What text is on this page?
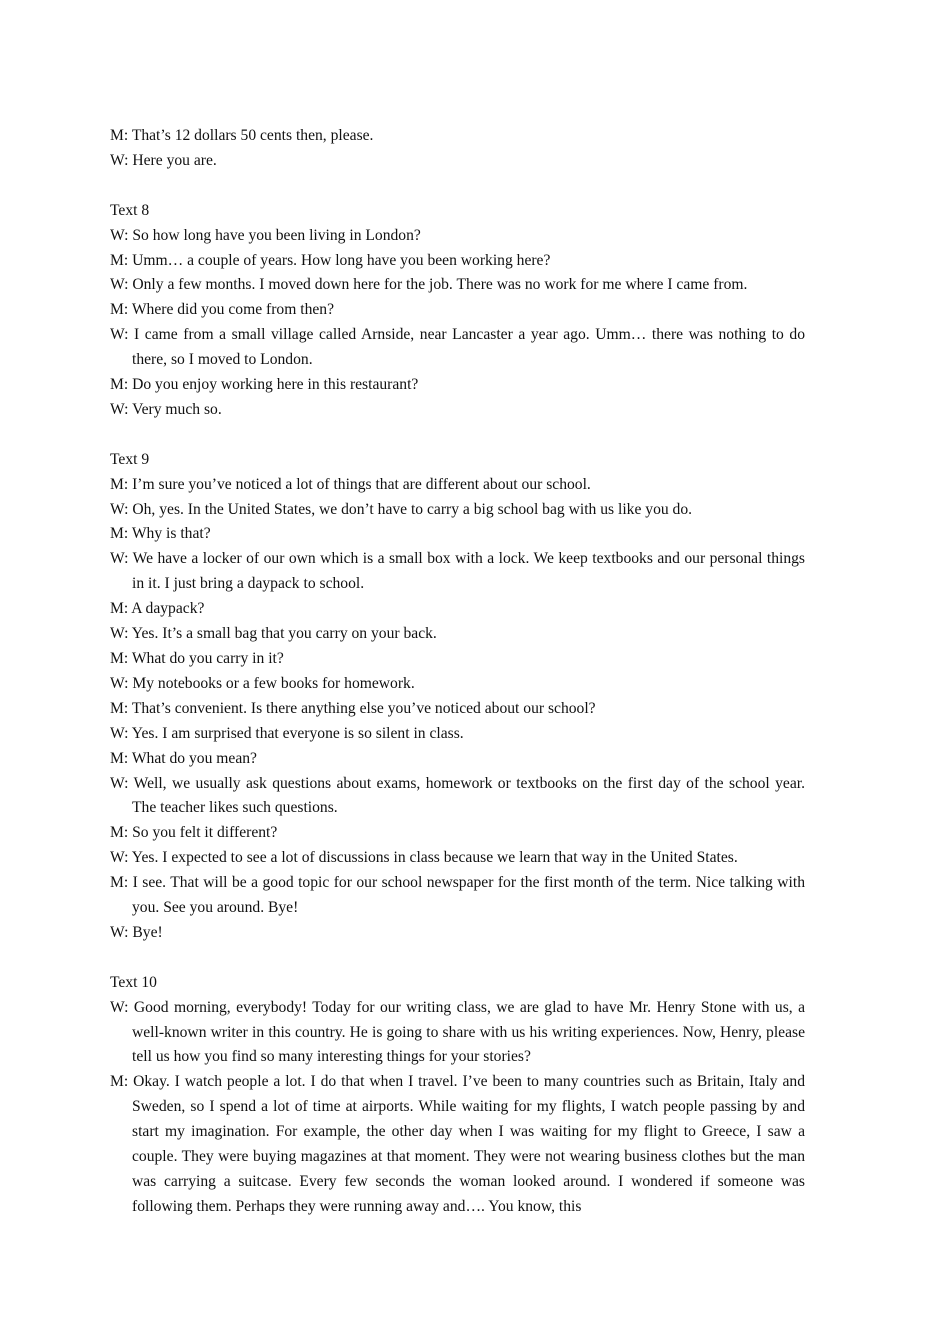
M: That’s 12 dollars 50 cents then, please.

W: Here you are.

Text 8

W: So how long have you been living in London?

M: Umm… a couple of years. How long have you been working here?

W: Only a few months. I moved down here for the job. There was no work for me where I came from.

M: Where did you come from then?

W: I came from a small village called Arnside, near Lancaster a year ago. Umm… there was nothing to do there, so I moved to London.

M: Do you enjoy working here in this restaurant?

W: Very much so.

Text 9

M: I’m sure you’ve noticed a lot of things that are different about our school.

W: Oh, yes. In the United States, we don’t have to carry a big school bag with us like you do.

M: Why is that?

W: We have a locker of our own which is a small box with a lock. We keep textbooks and our personal things in it. I just bring a daypack to school.

M: A daypack?

W: Yes. It’s a small bag that you carry on your back.

M: What do you carry in it?

W: My notebooks or a few books for homework.

M: That’s convenient. Is there anything else you’ve noticed about our school?

W: Yes. I am surprised that everyone is so silent in class.

M: What do you mean?

W: Well, we usually ask questions about exams, homework or textbooks on the first day of the school year. The teacher likes such questions.

M: So you felt it different?

W: Yes. I expected to see a lot of discussions in class because we learn that way in the United States.

M: I see. That will be a good topic for our school newspaper for the first month of the term. Nice talking with you. See you around. Bye!

W: Bye!

Text 10

W: Good morning, everybody! Today for our writing class, we are glad to have Mr. Henry Stone with us, a well-known writer in this country. He is going to share with us his writing experiences. Now, Henry, please tell us how you find so many interesting things for your stories?

M: Okay. I watch people a lot. I do that when I travel. I’ve been to many countries such as Britain, Italy and Sweden, so I spend a lot of time at airports. While waiting for my flights, I watch people passing by and start my imagination. For example, the other day when I was waiting for my flight to Greece, I saw a couple. They were buying magazines at that moment. They were not wearing business clothes but the man was carrying a suitcase. Every few seconds the woman looked around. I wondered if someone was following them. Perhaps they were running away and…. You know, this
